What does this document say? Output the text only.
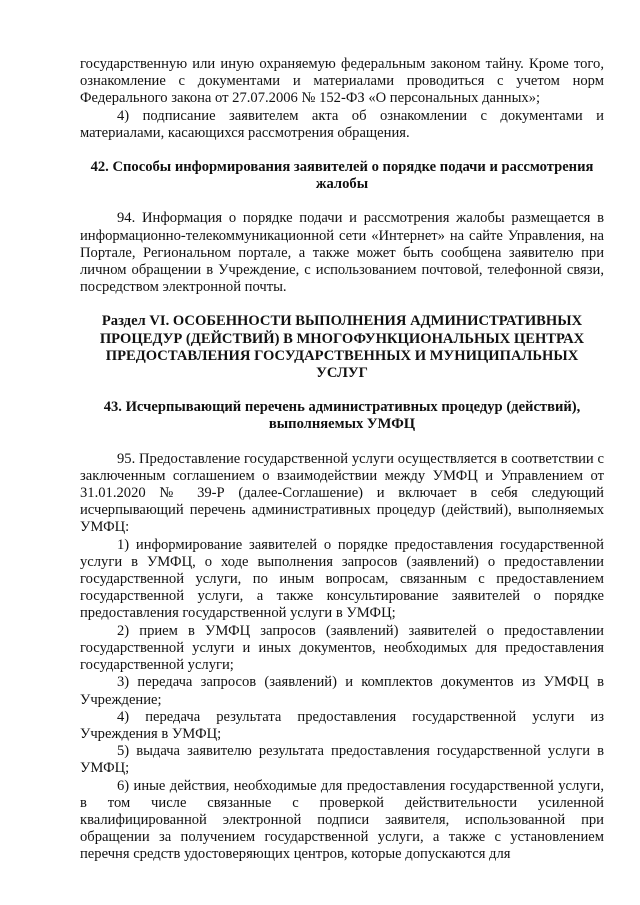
государственную или иную охраняемую федеральным законом тайну. Кроме того, ознакомление с документами и материалами проводиться с учетом норм Федерального закона от 27.07.2006 № 152-ФЗ «О персональных данных»;

4) подписание заявителем акта об ознакомлении с документами и материалами, касающихся рассмотрения обращения.

42. Способы информирования заявителей о порядке подачи и рассмотрения жалобы

94. Информация о порядке подачи и рассмотрения жалобы размещается в информационно-телекоммуникационной сети «Интернет» на сайте Управления, на Портале, Региональном портале, а также может быть сообщена заявителю при личном обращении в Учреждение, с использованием почтовой, телефонной связи, посредством электронной почты.

Раздел VI. ОСОБЕННОСТИ ВЫПОЛНЕНИЯ АДМИНИСТРАТИВНЫХ ПРОЦЕДУР (ДЕЙСТВИЙ) В МНОГОФУНКЦИОНАЛЬНЫХ ЦЕНТРАХ ПРЕДОСТАВЛЕНИЯ ГОСУДАРСТВЕННЫХ И МУНИЦИПАЛЬНЫХ УСЛУГ

43. Исчерпывающий перечень административных процедур (действий), выполняемых УМФЦ

95. Предоставление государственной услуги осуществляется в соответствии с заключенным соглашением о взаимодействии между УМФЦ и Управлением от 31.01.2020 № 39-Р (далее-Соглашение) и включает в себя следующий исчерпывающий перечень административных процедур (действий), выполняемых УМФЦ:

1) информирование заявителей о порядке предоставления государственной услуги в УМФЦ, о ходе выполнения запросов (заявлений) о предоставлении государственной услуги, по иным вопросам, связанным с предоставлением государственной услуги, а также консультирование заявителей о порядке предоставления государственной услуги в УМФЦ;

2) прием в УМФЦ запросов (заявлений) заявителей о предоставлении государственной услуги и иных документов, необходимых для предоставления государственной услуги;

3) передача запросов (заявлений) и комплектов документов из УМФЦ в Учреждение;

4) передача результата предоставления государственной услуги из Учреждения в УМФЦ;

5) выдача заявителю результата предоставления государственной услуги в УМФЦ;

6) иные действия, необходимые для предоставления государственной услуги, в том числе связанные с проверкой действительности усиленной квалифицированной электронной подписи заявителя, использованной при обращении за получением государственной услуги, а также с установлением перечня средств удостоверяющих центров, которые допускаются для
